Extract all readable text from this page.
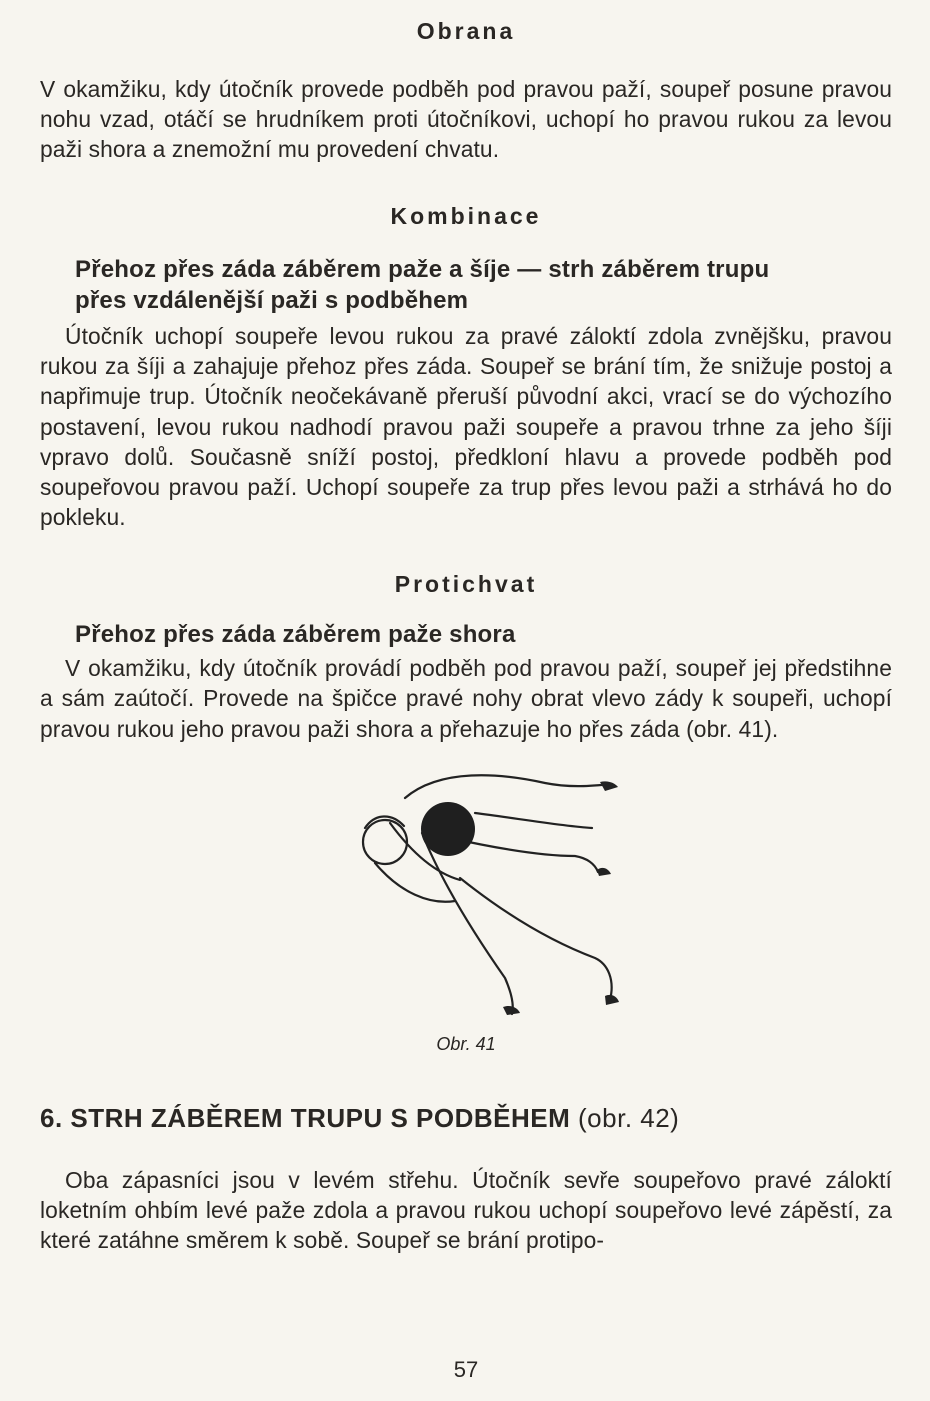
Obrana

V okamžiku, kdy útočník provede podběh pod pravou paží, soupeř posune pravou nohu vzad, otáčí se hrudníkem proti útočníkovi, uchopí ho pravou rukou za levou paži shora a znemožní mu provedení chvatu.

Kombinace

Přehoz přes záda záběrem paže a šíje — strh záběrem trupu

přes vzdálenější paži s podběhem

Útočník uchopí soupeře levou rukou za pravé záloktí zdola zvnějšku, pravou rukou za šíji a zahajuje přehoz přes záda. Soupeř se brání tím, že snižuje postoj a napřimuje trup. Útočník neočekávaně přeruší původní akci, vrací se do výchozího postavení, levou rukou nadhodí pravou paži soupeře a pravou trhne za jeho šíji vpravo dolů. Současně sníží postoj, předkloní hlavu a provede podběh pod soupeřovou pravou paží. Uchopí soupeře za trup přes levou paži a strhává ho do pokleku.

Protichvat

Přehoz přes záda záběrem paže shora

V okamžiku, kdy útočník provádí podběh pod pravou paží, soupeř jej předstihne a sám zaútočí. Provede na špičce pravé nohy obrat vlevo zády k soupeři, uchopí pravou rukou jeho pravou paži shora a přehazuje ho přes záda (obr. 41).

Obr. 41
6. STRH ZÁBĚREM TRUPU S PODBĚHEM (obr. 42)

Oba zápasníci jsou v levém střehu. Útočník sevře soupeřovo pravé záloktí loketním ohbím levé paže zdola a pravou rukou uchopí soupeřovo levé zápěstí, za které zatáhne směrem k sobě. Soupeř se brání protipo-

57
